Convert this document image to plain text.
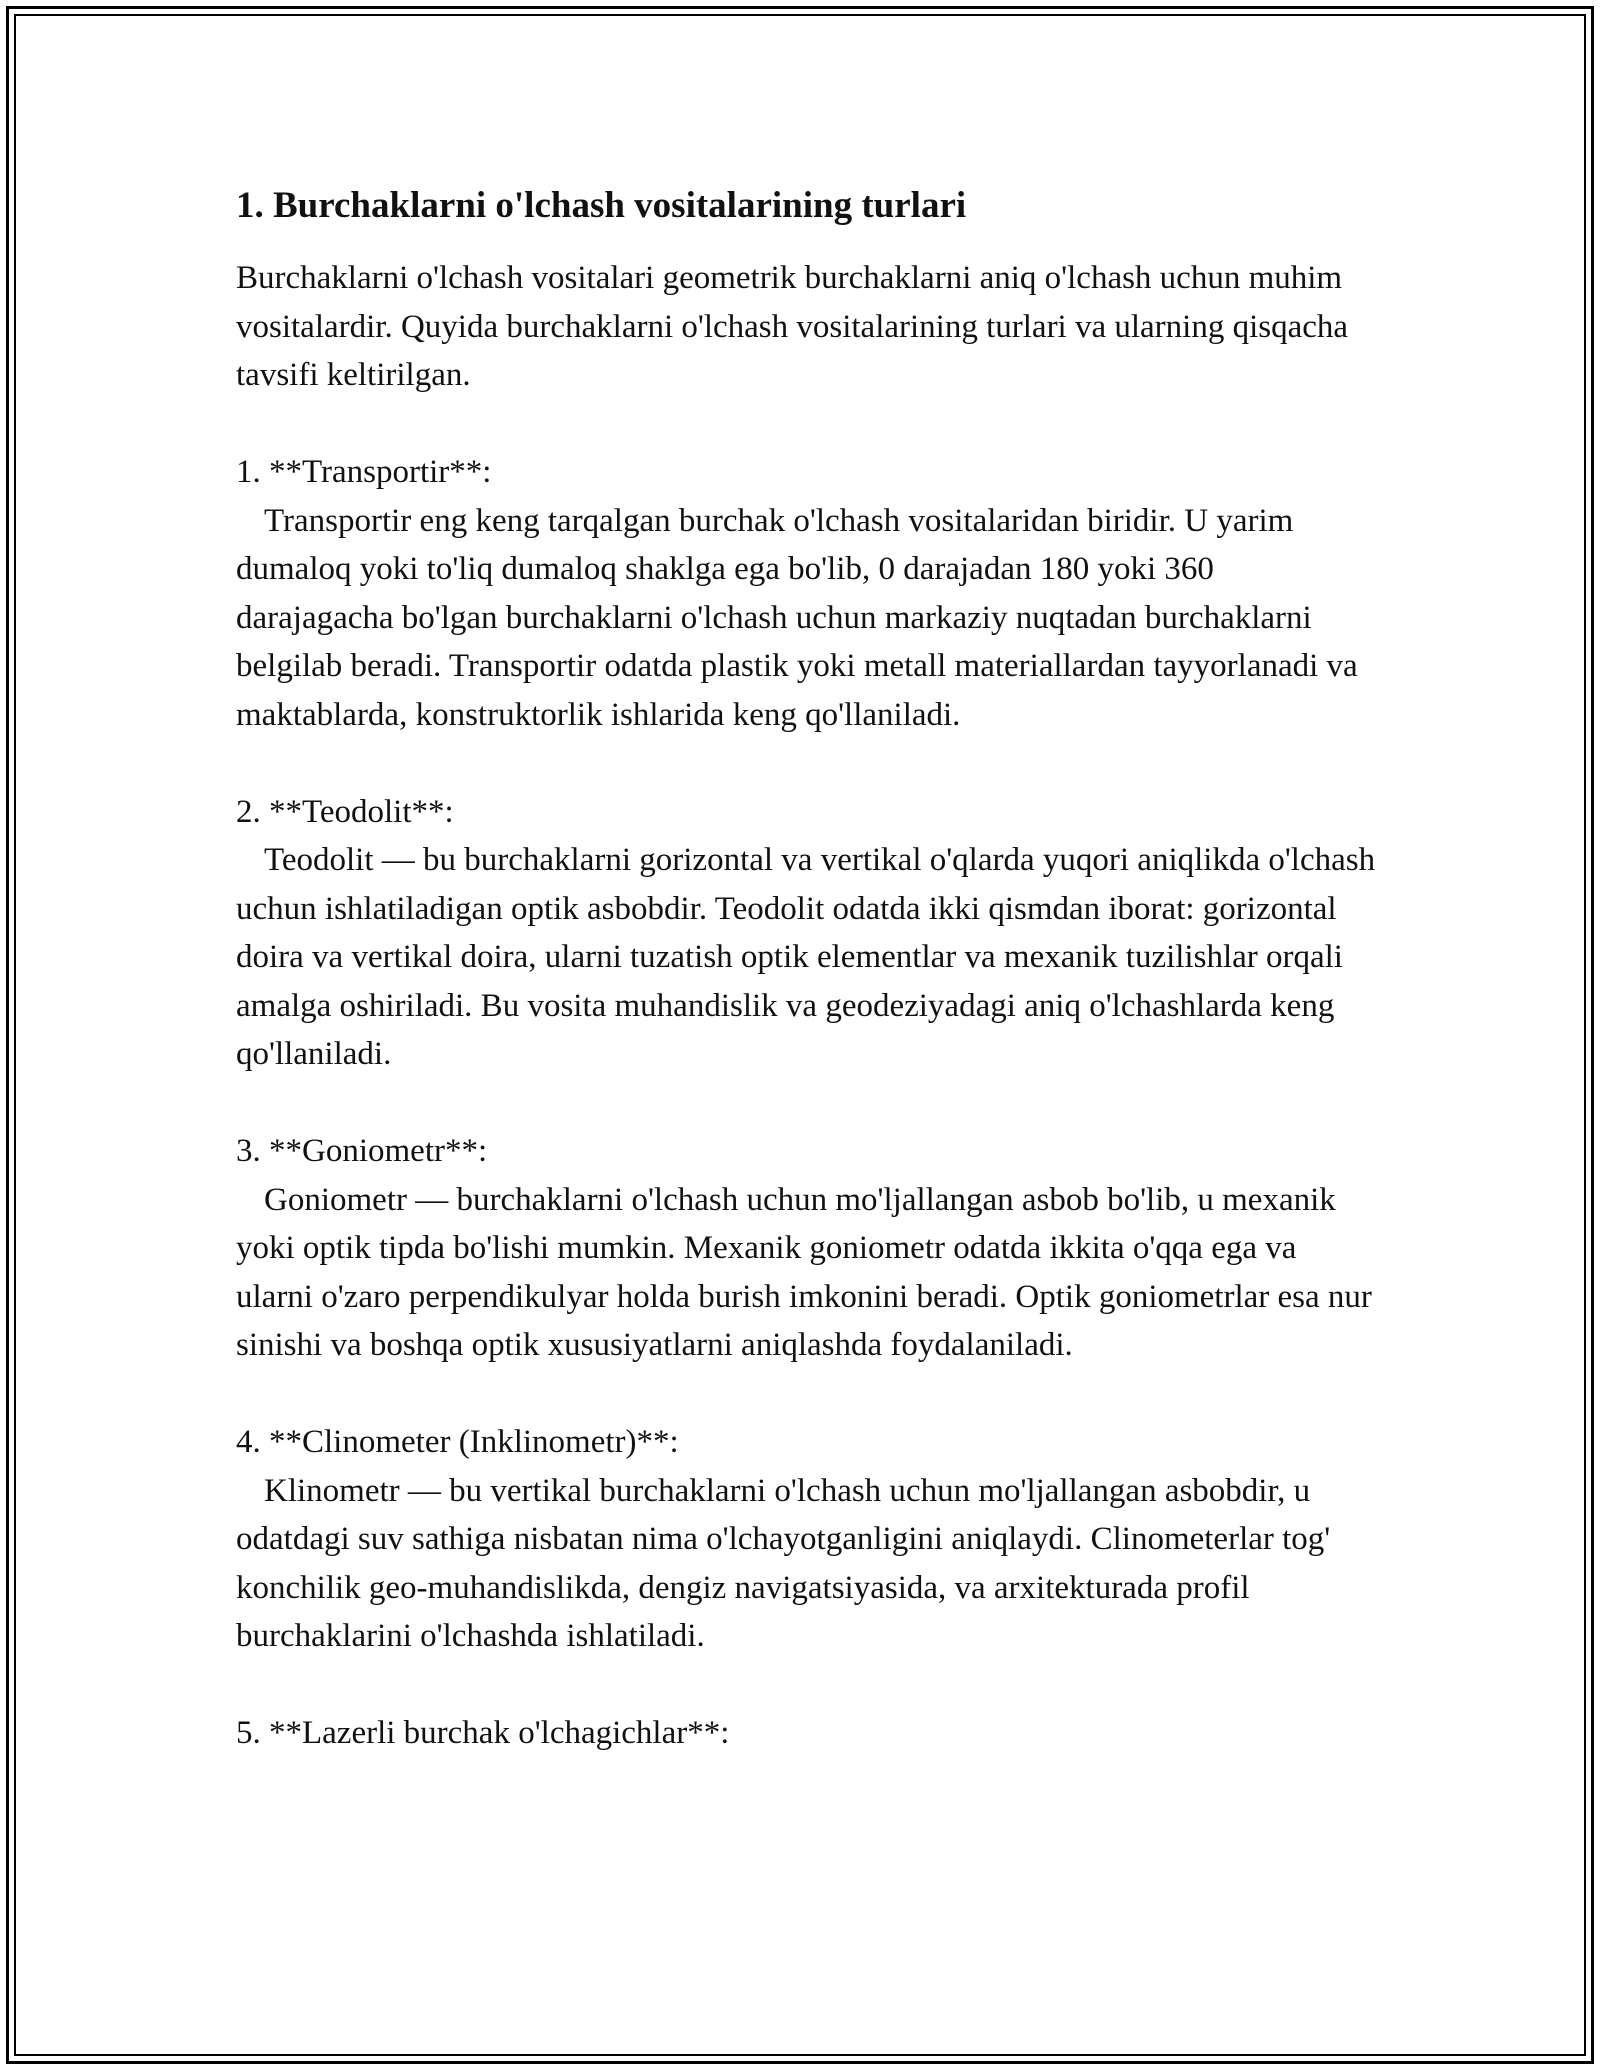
1. Burchaklarni o'lchash vositalarining turlari

Burchaklarni o'lchash vositalari geometrik burchaklarni aniq o'lchash uchun muhim vositalardir. Quyida burchaklarni o'lchash vositalarining turlari va ularning qisqacha tavsifi keltirilgan.

1. **Transportir**:

Transportir eng keng tarqalgan burchak o'lchash vositalaridan biridir. U yarim dumaloq yoki to'liq dumaloq shaklga ega bo'lib, 0 darajadan 180 yoki 360 darajagacha bo'lgan burchaklarni o'lchash uchun markaziy nuqtadan burchaklarni belgilab beradi. Transportir odatda plastik yoki metall materiallardan tayyorlanadi va maktablarda, konstruktorlik ishlarida keng qo'llaniladi.

2. **Teodolit**:

Teodolit — bu burchaklarni gorizontal va vertikal o'qlarda yuqori aniqlikda o'lchash uchun ishlatiladigan optik asbobdir. Teodolit odatda ikki qismdan iborat: gorizontal doira va vertikal doira, ularni tuzatish optik elementlar va mexanik tuzilishlar orqali amalga oshiriladi. Bu vosita muhandislik va geodeziyadagi aniq o'lchashlarda keng qo'llaniladi.

3. **Goniometr**:

Goniometr — burchaklarni o'lchash uchun mo'ljallangan asbob bo'lib, u mexanik yoki optik tipda bo'lishi mumkin. Mexanik goniometr odatda ikkita o'qqa ega va ularni o'zaro perpendikulyar holda burish imkonini beradi. Optik goniometrlar esa nur sinishi va boshqa optik xususiyatlarni aniqlashda foydalaniladi.

4. **Clinometer (Inklinometr)**:

Klinometr — bu vertikal burchaklarni o'lchash uchun mo'ljallangan asbobdir, u odatdagi suv sathiga nisbatan nima o'lchayotganligini aniqlaydi. Clinometerlar tog' konchilik geo-muhandislikda, dengiz navigatsiyasida, va arxitekturada profil burchaklarini o'lchashda ishlatiladi.

5. **Lazerli burchak o'lchagichlar**:
